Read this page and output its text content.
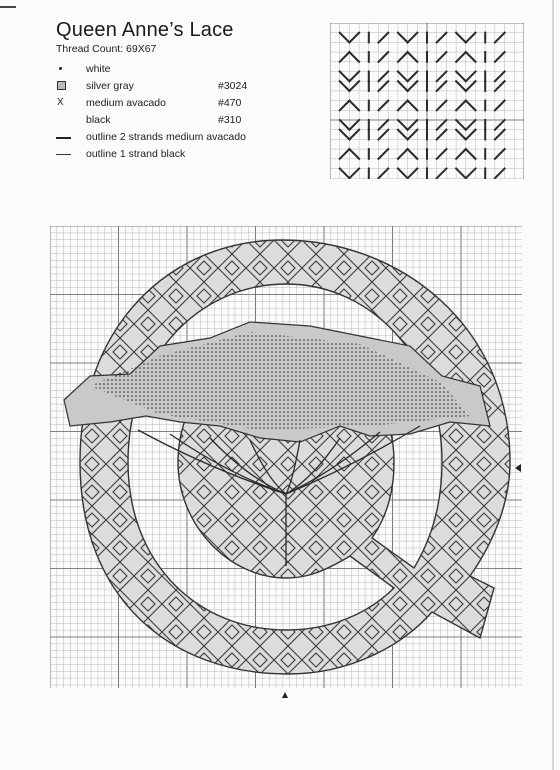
Queen Anne’s Lace
Thread Count: 69X67
white
silver gray	#3024
X	medium avacado	#470
black	#310
outline 2 strands medium avacado
outline 1 strand black
